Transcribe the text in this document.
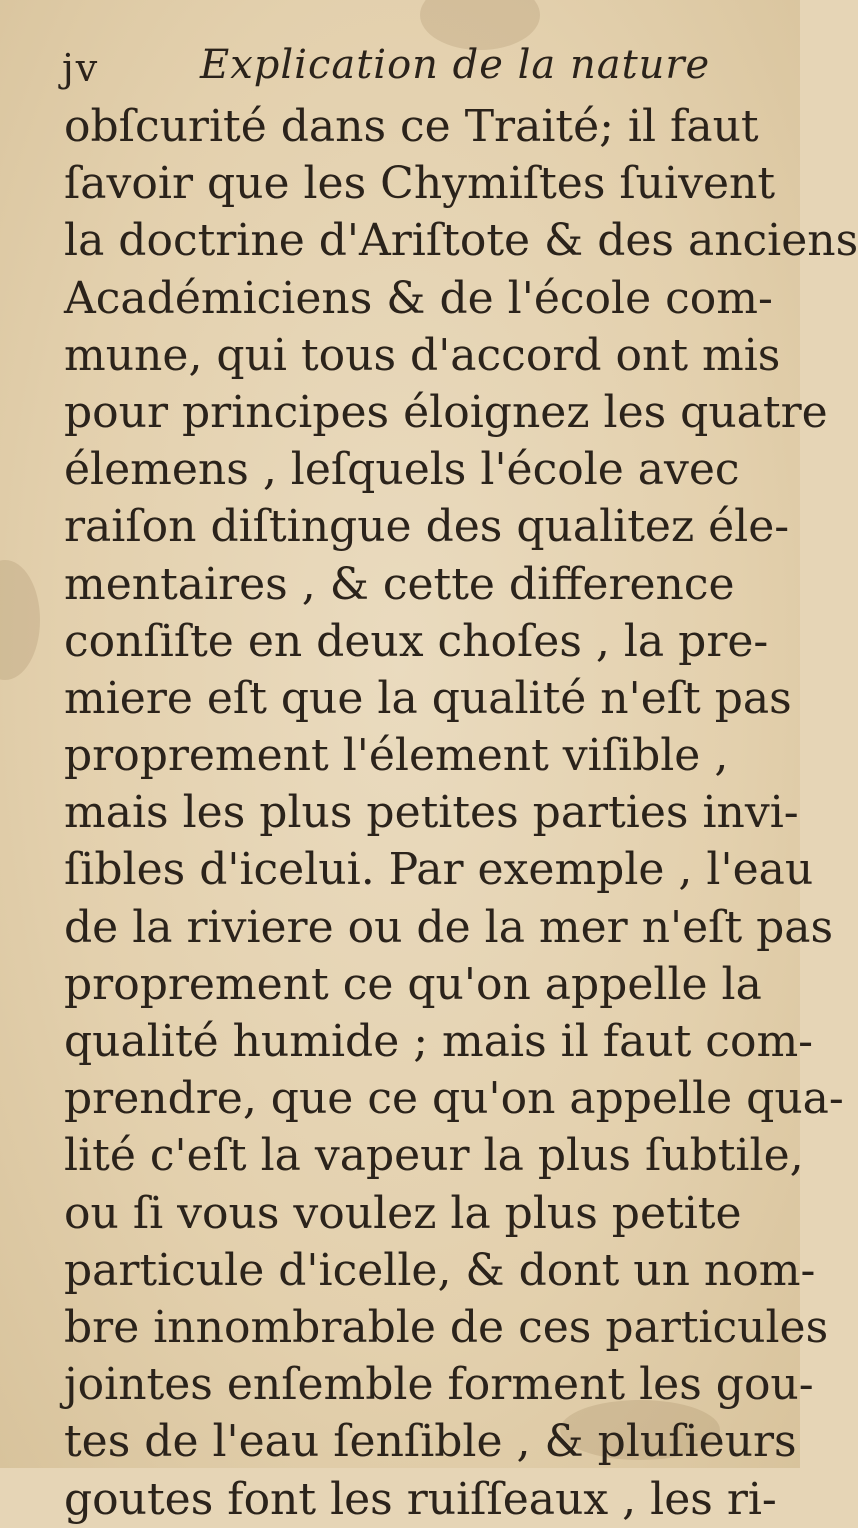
jv	Explication de la nature
obſcurité dans ce Traité; il faut
ſavoir que les Chymiſtes ſuivent
la doctrine d'Ariſtote & des anciens
Académiciens & de l'école com-
mune, qui tous d'accord ont mis
pour principes éloignez les quatre
élemens , leſquels l'école avec
raiſon diſtingue des qualitez éle-
mentaires , & cette difference
conſiſte en deux choſes , la pre-
miere eſt que la qualité n'eſt pas
proprement l'élement viſible ,
mais les plus petites parties invi-
ſibles d'icelui. Par exemple , l'eau
de la riviere ou de la mer n'eſt pas
proprement ce qu'on appelle la
qualité humide ; mais il faut com-
prendre, que ce qu'on appelle qua-
lité c'eſt la vapeur la plus ſubtile,
ou ſi vous voulez la plus petite
particule d'icelle, & dont un nom-
bre innombrable de ces particules
jointes enſemble forment les gou-
tes de l'eau ſenſible , & pluſieurs
goutes font les ruiſſeaux , les ri-
